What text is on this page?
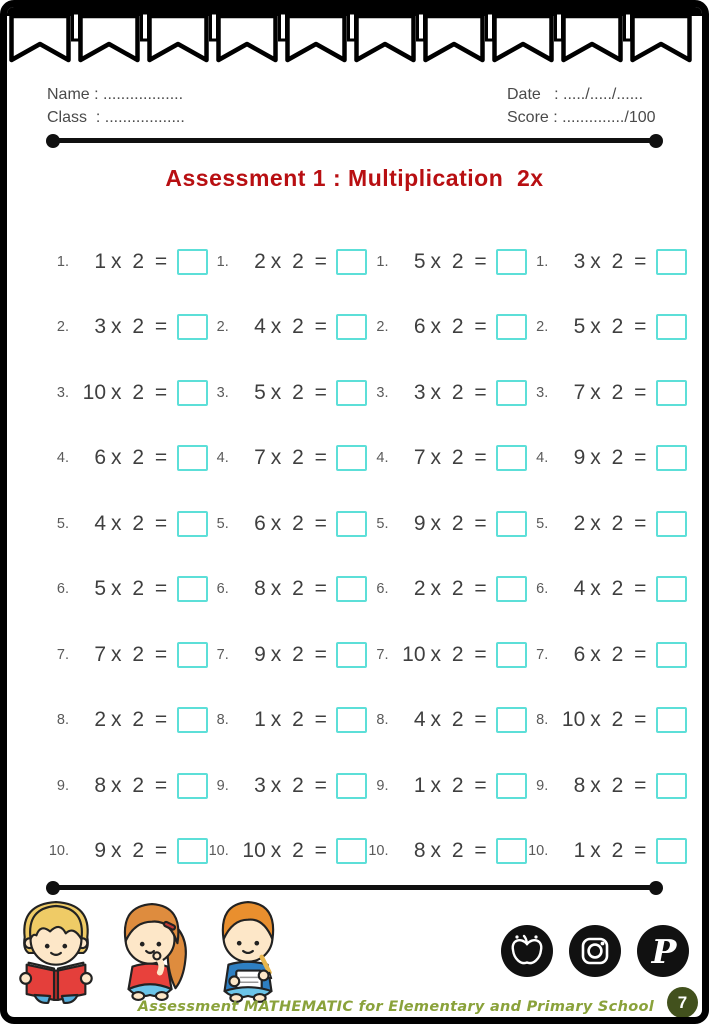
Name : ..................
Class  : ..................
Date   : ...../...../......
Score : ............../100
Assessment 1 : Multiplication  2x
1.	1 x 2 =	1.	2 x 2 =	1.	5 x 2 =	1.	3 x 2 =
2.	3 x 2 =	2.	4 x 2 =	2.	6 x 2 =	2.	5 x 2 =
3. 10 x 2 =	3.	5 x 2 =	3.	3 x 2 =	3.	7 x 2 =
4.	6 x 2 =	4.	7 x 2 =	4.	7 x 2 =	4.	9 x 2 =
5.	4 x 2 =	5.	6 x 2 =	5.	9 x 2 =	5.	2 x 2 =
6.	5 x 2 =	6.	8 x 2 =	6.	2 x 2 =	6.	4 x 2 =
7.	7 x 2 =	7.	9 x 2 =	7. 10 x 2 =	7.	6 x 2 =
8.	2 x 2 =	8.	1 x 2 =	8.	4 x 2 =	8. 10 x 2 =
9.	8 x 2 =	9.	3 x 2 =	9.	1 x 2 =	9.	8 x 2 =
10.	9 x 2 =	10. 10 x 2 =	10.	8 x 2 =	10.	1 x 2 =
P
Assessment MATHEMATIC for Elementary and Primary School	7
